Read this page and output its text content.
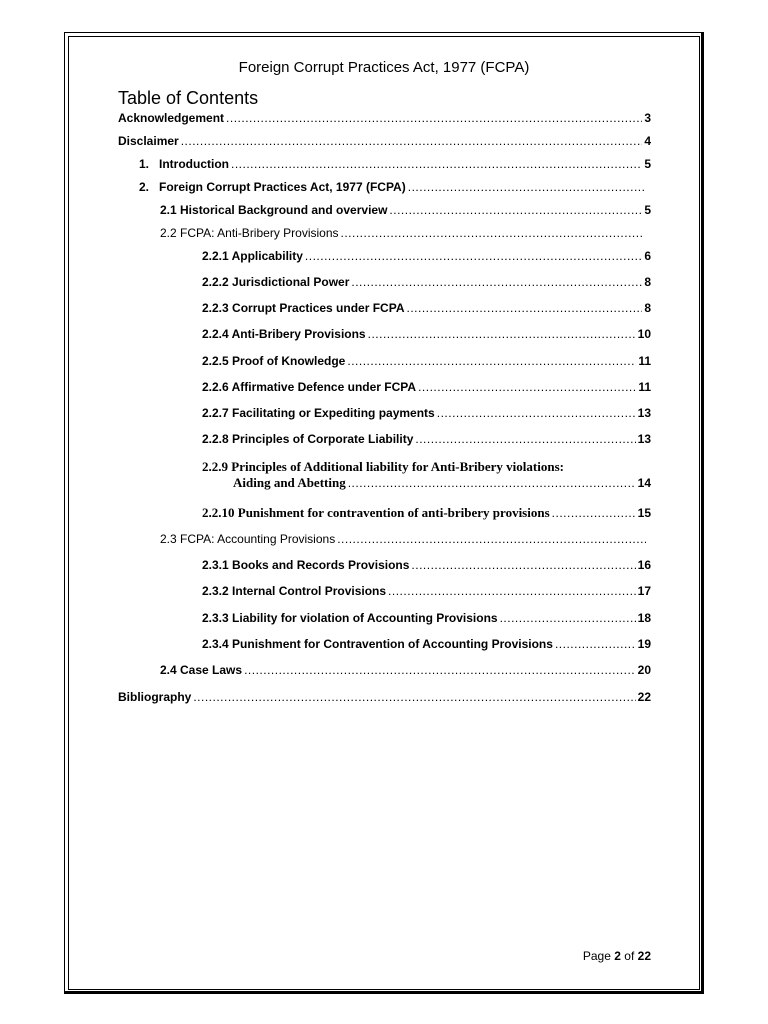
Foreign Corrupt Practices Act, 1977 (FCPA)
Table of Contents
Acknowledgement .....	3
Disclaimer .....	4
1. Introduction .....	5
2. Foreign Corrupt Practices Act, 1977 (FCPA)
.....
2.1 Historical Background and overview .....	5
2.2 FCPA: Anti-Bribery Provisions
.....
2.2.1 Applicability .....	6
2.2.2 Jurisdictional Power .....	8
2.2.3 Corrupt Practices under FCPA .....	8
2.2.4 Anti-Bribery Provisions .....	10
2.2.5 Proof of Knowledge .....	11
2.2.6 Affirmative Defence under FCPA .....	11
2.2.7 Facilitating or Expediting payments .....	13
2.2.8 Principles of Corporate Liability .....	13
2.2.9 Principles of Additional liability for Anti-Bribery violations:
Aiding and Abetting .....	14
2.2.10 Punishment for contravention of anti-bribery provisions .....	15
2.3 FCPA: Accounting Provisions
.....
2.3.1 Books and Records Provisions .....	16
2.3.2 Internal Control Provisions .....	17
2.3.3 Liability for violation of Accounting Provisions .....	18
2.3.4 Punishment for Contravention of Accounting Provisions .....	19
2.4 Case Laws .....	20
Bibliography .....	22
Page 2 of 22
